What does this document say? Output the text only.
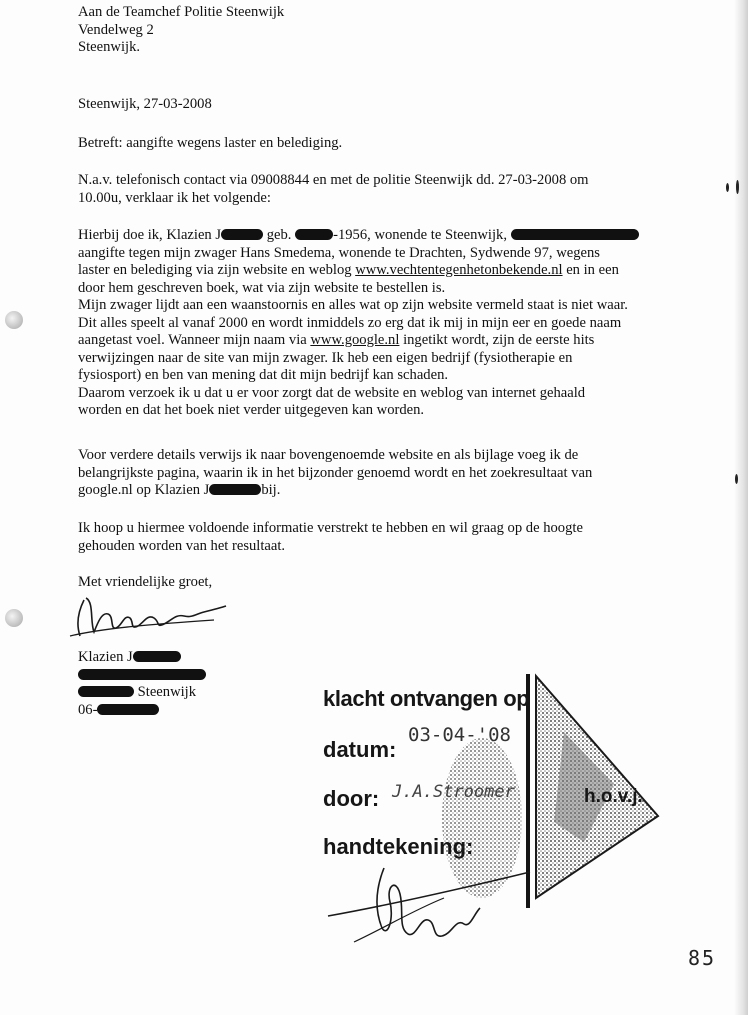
Aan de Teamchef Politie Steenwijk

Vendelweg 2

Steenwijk.

Steenwijk, 27-03-2008
Betreft: aangifte wegens laster en belediging.

N.a.v. telefonisch contact via 09008844 en met de politie Steenwijk dd. 27-03-2008 om

10.00u, verklaar ik het volgende:

Hierbij doe ik, Klazien J	geb.	-1956, wonende te Steenwijk,

aangifte tegen mijn zwager Hans Smedema, wonende te Drachten, Sydwende 97, wegens

laster en belediging via zijn website en weblog www.vechtentegenhetonbekende.nl en in een

door hem geschreven boek, wat via zijn website te bestellen is.

Mijn zwager lijdt aan een waanstoornis en alles wat op zijn website vermeld staat is niet waar.

Dit alles speelt al vanaf 2000 en wordt inmiddels zo erg dat ik mij in mijn eer en goede naam

aangetast voel. Wanneer mijn naam via www.google.nl ingetikt wordt, zijn de eerste hits

verwijzingen naar de site van mijn zwager. Ik heb een eigen bedrijf (fysiotherapie en

fysiosport) en ben van mening dat dit mijn bedrijf kan schaden.

Daarom verzoek ik u dat u er voor zorgt dat de website en weblog van internet gehaald

worden en dat het boek niet verder uitgegeven kan worden.

Voor verdere details verwijs ik naar bovengenoemde website en als bijlage voeg ik de

belangrijkste pagina, waarin ik in het bijzonder genoemd wordt en het zoekresultaat van

google.nl op Klazien J	bij.

Ik hoop u hiermee voldoende informatie verstrekt te hebben en wil graag op de hoogte

gehouden worden van het resultaat.

Met vriendelijke groet,

Klazien J

Steenwijk

06-

h.o.v.j.
klacht ontvangen op
datum:
03-04-'08
door: J.A.Stroomer
handtekening:
85
